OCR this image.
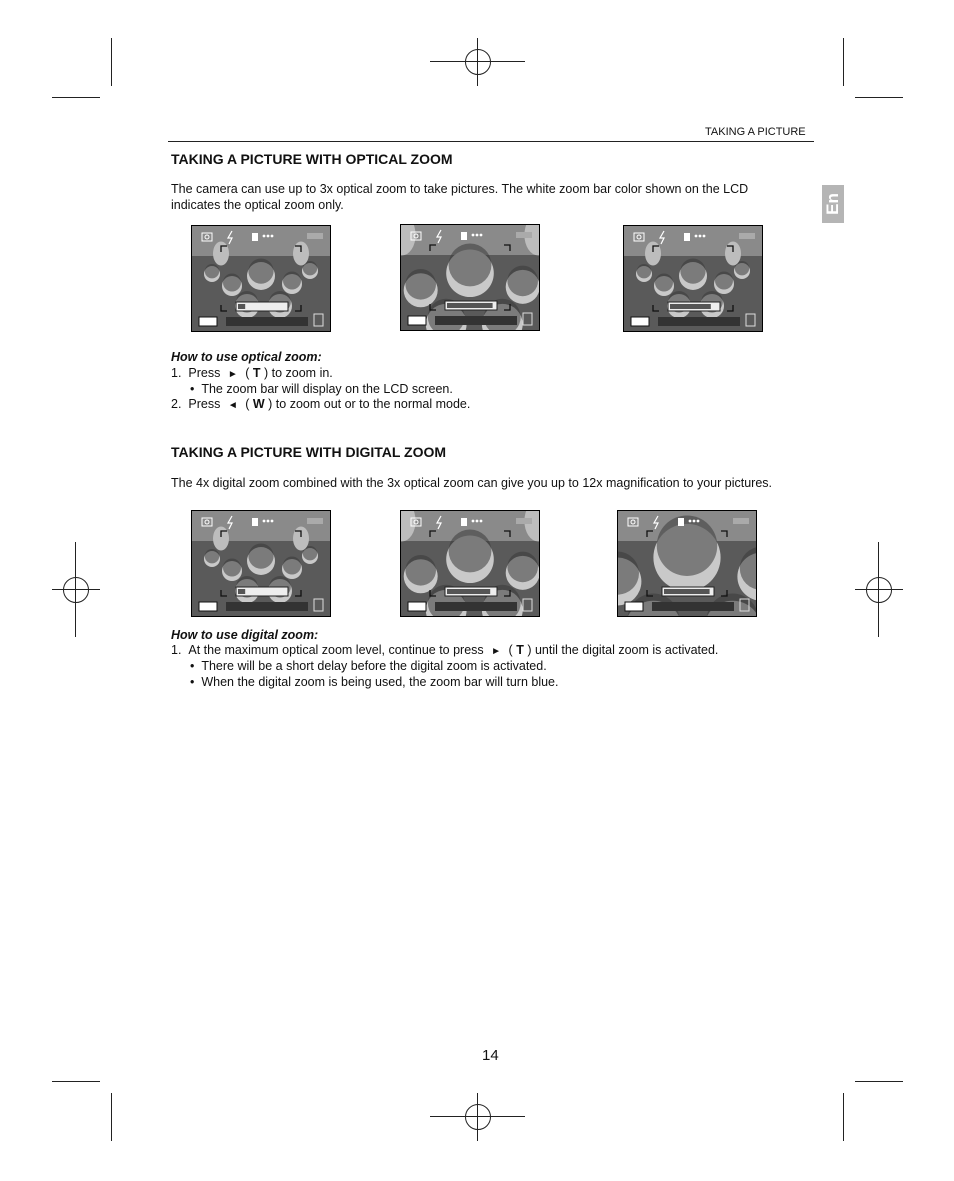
TAKING A PICTURE
En
TAKING A PICTURE WITH OPTICAL ZOOM
The camera can use up to 3x optical zoom to take pictures. The white zoom bar color shown on the LCD
indicates the optical zoom only.
How to use optical zoom:
1. Press ► ( T ) to zoom in.
• The zoom bar will display on the LCD screen.
2. Press ◄ ( W ) to zoom out or to the normal mode.
TAKING A PICTURE WITH DIGITAL ZOOM
The 4x digital zoom combined with the 3x optical zoom can give you up to 12x magnification to your pictures.
How to use digital zoom:
1. At the maximum optical zoom level, continue to press ► ( T ) until the digital zoom is activated.
• There will be a short delay before the digital zoom is activated.
• When the digital zoom is being used, the zoom bar will turn blue.
14
